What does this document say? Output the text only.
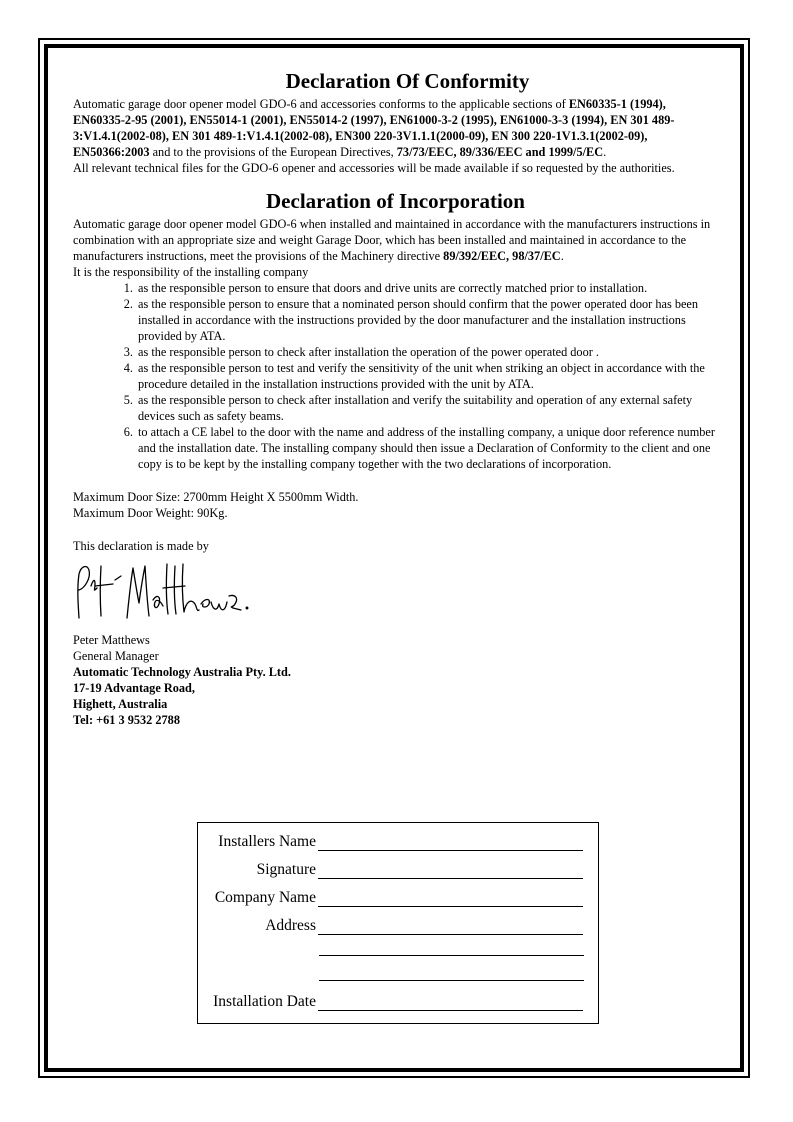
Declaration Of Conformity

Automatic garage door opener model GDO-6 and accessories conforms to the applicable sections of EN60335-1 (1994), EN60335-2-95 (2001), EN55014-1 (2001), EN55014-2 (1997), EN61000-3-2 (1995), EN61000-3-3 (1994), EN 301 489-3:V1.4.1(2002-08), EN 301 489-1:V1.4.1(2002-08), EN300 220-3V1.1.1(2000-09), EN 300 220-1V1.3.1(2002-09), EN50366:2003 and to the provisions of the European Directives, 73/73/EEC, 89/336/EEC and 1999/5/EC.

All relevant technical files for the GDO-6 opener and accessories will be made available if so requested by the authorities.

Declaration of Incorporation

Automatic garage door opener model GDO-6 when installed and maintained in accordance with the manufacturers instructions in combination with an appropriate size and weight Garage Door, which has been installed and maintained in accordance to the manufacturers instructions, meet the provisions of the Machinery directive 89/392/EEC, 98/37/EC.

It is the responsibility of the installing company

1. as the responsible person to ensure that doors and drive units are correctly matched prior to installation.
2. as the responsible person to ensure that a nominated person should confirm that the power operated door has been installed in accordance with the instructions provided by the door manufacturer and the installation instructions provided by ATA.
3. as the responsible person to check after installation the operation of the power operated door .
4. as the responsible person to test and verify the sensitivity of the unit when striking an object in accordance with the procedure detailed in the installation instructions provided with the unit by ATA.
5. as the responsible person to check after installation and verify the suitability and operation of any external safety devices such as safety beams.
6. to attach a CE label to the door with the name and address of the installing company, a unique door reference number and the installation date. The installing company should then issue a Declaration of Conformity to the client and one copy is to be kept by the installing company together with the two declarations of incorporation.

Maximum Door Size: 2700mm Height X 5500mm Width.

Maximum Door Weight: 90Kg.

This declaration is made by

Peter Matthews

General Manager

Automatic Technology Australia Pty. Ltd.

17-19 Advantage Road,

Highett, Australia

Tel: +61 3 9532 2788

Installers Name
Signature
Company Name
Address
Installation Date
